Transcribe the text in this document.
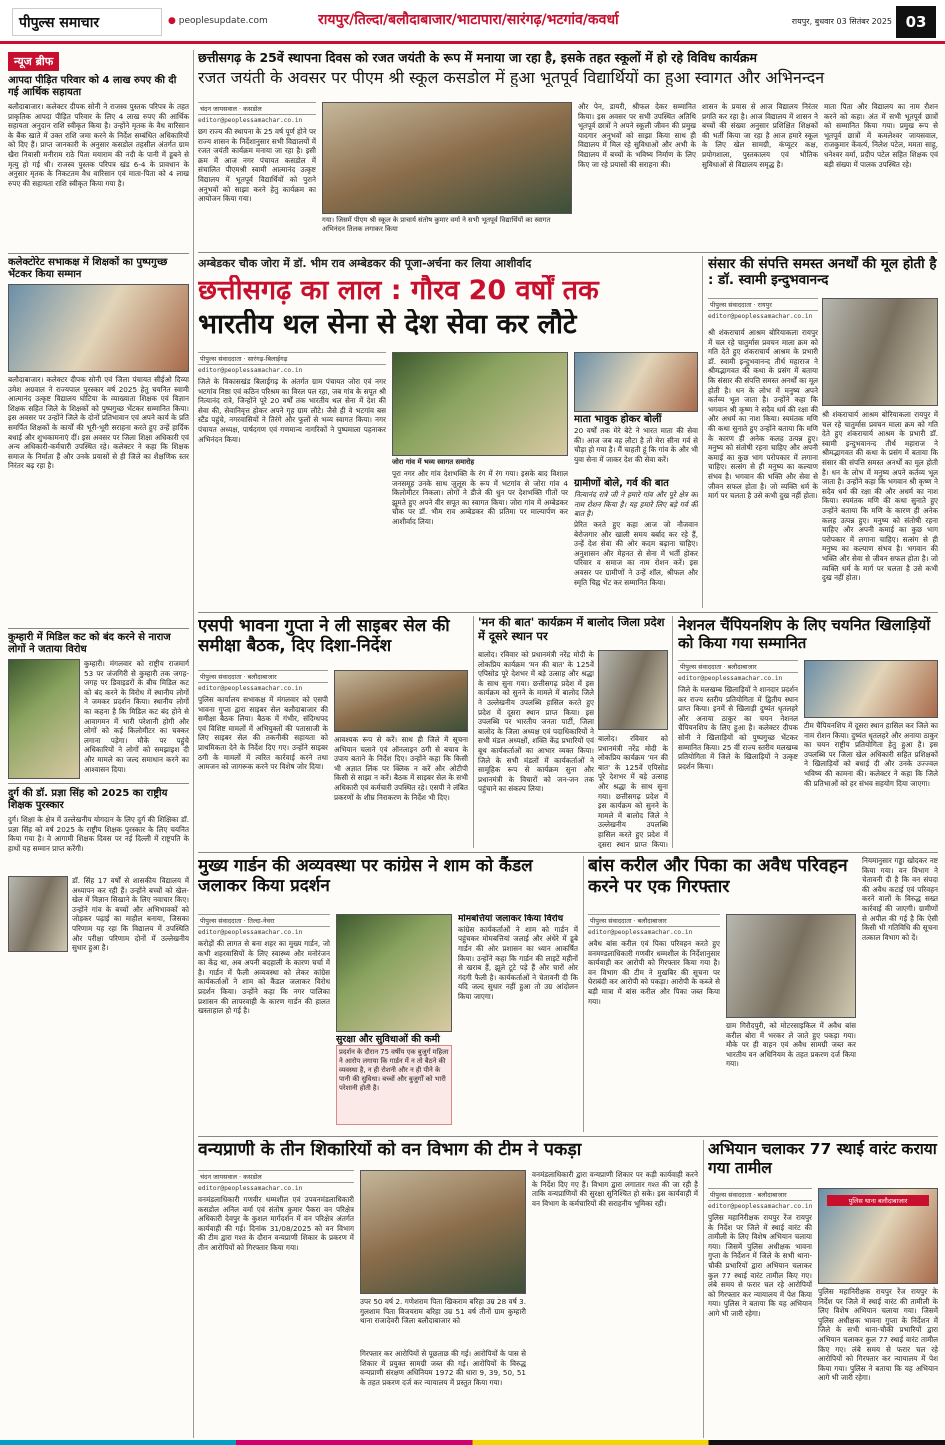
पीपुल्स समाचार	● peoplesupdate.com	रायपुर/तिल्दा/बलौदाबाजार/भाटापारा/सारंगढ़/भटगांव/कवर्धा	रायपुर, बुधवार 03 सितंबर 2025 03
न्यूज ब्रीफ
आपदा पीड़ित परिवार को 4 लाख रुपए की दी गई आर्थिक सहायता
बलौदाबाजार। कलेक्टर दीपक सोनी ने राजस्व पुस्तक परिपत्र के तहत प्राकृतिक आपदा पीड़ित परिवार के लिए 4 लाख रुपए की आर्थिक सहायता अनुदान राशि स्वीकृत किया है। उन्होंने मृतक के वैध वारिसान के बैंक खाते में उक्त राशि जमा करने के निर्देश सम्बंधित अधिकारियों को दिए हैं। प्राप्त जानकारी के अनुसार कसडोल तहसील अंतर्गत ग्राम खैरा निवासी मनीराम राठे पिता मयाराम की नदी के पानी में डूबने से मृत्यु हो गई थी। राजस्व पुस्तक परिपत्र खंड 6-4 के प्रावधान के अनुसार मृतक के निकटतम वैध वारिसान एवं माता-पिता को 4 लाख रुपए की सहायता राशि स्वीकृत किया गया है।
कलेक्टोरेट सभाकक्ष में शिक्षकों का पुष्पगुच्छ भेंटकर किया सम्मान
बलौदाबाजार। कलेक्टर दीपक सोनी एवं जिला पंचायत सीईओ दिव्या उमेश अग्रवाल ने राज्यपाल पुरस्कार वर्ष 2025 हेतु चयनित स्वामी आत्मानंद उत्कृष्ट विद्यालय घोटिया के व्याख्याता शिक्षक एवं विज्ञान शिक्षक सहित जिले के शिक्षकों को पुष्पगुच्छ भेंटकर सम्मानित किया। इस अवसर पर उन्होंने जिले के दोनों प्रतिभावान एवं अपने कार्य के प्रति समर्पित शिक्षकों के कार्यों की भूरी-भूरी सराहना करते हुए उन्हें हार्दिक बधाई और शुभकामनाएं दीं। इस अवसर पर जिला शिक्षा अधिकारी एवं अन्य अधिकारी-कर्मचारी उपस्थित रहे। कलेक्टर ने कहा कि शिक्षक समाज के निर्माता हैं और उनके प्रयासों से ही जिले का शैक्षणिक स्तर निरंतर बढ़ रहा है।
कुम्हारी में मिडिल कट को बंद करने से नाराज लोगों ने जताया विरोध
कुम्हारी। मंगलवार को राष्ट्रीय राजमार्ग 53 पर जंजगिरी से कुम्हारी तक जगह-जगह पर डिवाइडरों के बीच मिडिल कट को बंद करने के विरोध में स्थानीय लोगों ने जमकर प्रदर्शन किया। स्थानीय लोगों का कहना है कि मिडिल कट बंद होने से आवागमन में भारी परेशानी होगी और लोगों को कई किलोमीटर का चक्कर लगाना पड़ेगा। मौके पर पहुंचे अधिकारियों ने लोगों को समझाइश दी और मामले का जल्द समाधान करने का आश्वासन दिया।
दुर्ग की डॉ. प्रज्ञा सिंह को 2025 का राष्ट्रीय शिक्षक पुरस्कार
दुर्ग। शिक्षा के क्षेत्र में उल्लेखनीय योगदान के लिए दुर्ग की शिक्षिका डॉ. प्रज्ञा सिंह को वर्ष 2025 के राष्ट्रीय शिक्षक पुरस्कार के लिए चयनित किया गया है। वे आगामी शिक्षक दिवस पर नई दिल्ली में राष्ट्रपति के हाथों यह सम्मान प्राप्त करेंगी।
डॉ. सिंह 17 वर्षों से शासकीय विद्यालय में अध्यापन कर रही हैं। उन्होंने बच्चों को खेल-खेल में विज्ञान सिखाने के लिए नवाचार किए। उन्होंने गांव के बच्चों और अभिभावकों को जोड़कर पढ़ाई का माहौल बनाया, जिसका परिणाम यह रहा कि विद्यालय में उपस्थिति और परीक्षा परिणाम दोनों में उल्लेखनीय सुधार हुआ है।
छत्तीसगढ़ के 25वें स्थापना दिवस को रजत जयंती के रूप में मनाया जा रहा है, इसके तहत स्कूलों में हो रहे विविध कार्यक्रम
रजत जयंती के अवसर पर पीएम श्री स्कूल कसडोल में हुआ भूतपूर्व विद्यार्थियों का हुआ स्वागत और अभिनन्दन
चंदन जायसवाल · कसडोल
editor@peoplessamachar.co.in
छग राज्य की स्थापना के 25 वर्ष पूर्ण होने पर राज्य शासन के निर्देशानुसार सभी विद्यालयों में रजत जयंती कार्यक्रम मनाया जा रहा है। इसी क्रम में आज नगर पंचायत कसडोल में संचालित पीएमश्री स्वामी आत्मानंद उत्कृष्ट विद्यालय में भूतपूर्व विद्यार्थियों को पुराने अनुभवों को साझा करने हेतु कार्यक्रम का आयोजन किया गया।
गया। जिसमें पीएम श्री स्कूल के प्राचार्य संतोष कुमार वर्मा ने सभी भूतपूर्व विद्यार्थियों का स्वागत अभिनंदन तिलक लगाकर किया
और पेन, डायरी, श्रीफल देकर सम्मानित किया। इस अवसर पर सभी उपस्थित अतिथि भूतपूर्व छात्रों ने अपने स्कूली जीवन की प्रमुख यादगार अनुभवों को साझा किया साथ ही विद्यालय में मिल रहे सुविधाओं और अभी के विद्यालय में बच्चों के भविष्य निर्माण के लिए किए जा रहे प्रयासों की सराहना की।
शासन के प्रयास से आज विद्यालय निरंतर प्रगति कर रहा है। आज विद्यालय में शासन ने बच्चों की संख्या अनुसार प्रशिक्षित शिक्षकों की भर्ती किया जा रहा है आज हमारे स्कूल के लिए खेल सामग्री, कंप्यूटर कक्ष, प्रयोगशाला, पुस्तकालय एवं भौतिक सुविधाओं से विद्यालय समृद्ध है।
माता पिता और विद्यालय का नाम रौशन करने को कहा। अंत में सभी भूतपूर्व छात्रों को सम्मानित किया गया। प्रमुख रूप से भूतपूर्व छात्रों में कमलेश्वर जायसवाल, राजकुमार केंवर्त्य, निलेश पटेल, ममता साहू, धनेश्वर वर्मा, प्रदीप पटेल सहित शिक्षक एवं बड़ी संख्या में पालक उपस्थित रहे।
अम्बेडकर चौक जोरा में डॉ. भीम राव अम्बेडकर की पूजा-अर्चना कर लिया आशीर्वाद
छत्तीसगढ़ का लाल : गौरव 20 वर्षों तक
भारतीय थल सेना से देश सेवा कर लौटे
पीपुल्स संवाददाता · सारंगढ़-बिलाईगढ़
editor@peoplessamachar.co.in
जिले के विकासखंड बिलाईगढ़ के अंतर्गत ग्राम पंचायत जोरा एवं नगर भटगांव निष्ठा एवं कठिन परिश्रम का विरल पल रहा, जब गांव के सपूत श्री नित्यानंद रात्रे, जिन्होंने पूरे 20 वर्षों तक भारतीय थल सेना में देश की सेवा की, सेवानिवृत्त होकर अपने गृह ग्राम लौटे। जैसे ही वे भटगांव बस स्टैंड पहुंचे, नगरवासियों ने तिरंगे और फूलों से भव्य स्वागत किया। नगर पंचायत अध्यक्ष, पार्षदगण एवं गणमान्य नागरिकों ने पुष्पमाला पहनाकर अभिनंदन किया।
जोरा गांव में भव्य स्वागत समारोह
पूरा नगर और गांव देशभक्ति के रंग में रंग गया। इसके बाद विशाल जनसमूह उनके साथ जुलूस के रूप में भटगांव से जोरा गांव 4 किलोमीटर निकला। लोगों ने डीजे की धुन पर देशभक्ति गीतों पर झूमते हुए अपने वीर सपूत का स्वागत किया। जोरा गांव में अम्बेडकर चौक पर डॉ. भीम राव अम्बेडकर की प्रतिमा पर माल्यार्पण कर आशीर्वाद लिया।
माता भावुक होकर बोलीं
20 वर्षों तक मेरे बेटे ने भारत माता की सेवा की। आज जब वह लौटा है तो मेरा सीना गर्व से चौड़ा हो गया है। मैं चाहती हूं कि गांव के और भी युवा सेना में जाकर देश की सेवा करें।
ग्रामीणों बोले, गर्व की बात
नित्यानंद रात्रे जी ने हमारे गांव और पूरे क्षेत्र का नाम रोशन किया है। यह हमारे लिए बड़े गर्व की बात है।
प्रेरित करते हुए कहा आज जो नौजवान बेरोजगार और खाली समय बर्बाद कर रहे हैं, उन्हें देश सेवा की ओर कदम बढ़ाना चाहिए। अनुशासन और मेहनत से सेना में भर्ती होकर परिवार व समाज का नाम रोशन करें। इस अवसर पर ग्रामीणों ने उन्हें शॉल, श्रीफल और स्मृति चिह्न भेंट कर सम्मानित किया।
संसार की संपत्ति समस्त अनर्थों की मूल होती है : डॉ. स्वामी इन्दुभवानन्द
पीपुल्स संवाददाता · रायपुर
editor@peoplessamachar.co.in
श्री शंकराचार्य आश्रम बोरियाकला रायपुर में चल रहे चातुर्मास प्रवचन माला क्रम को गति देते हुए शंकराचार्य आश्रम के प्रभारी डॉ. स्वामी इन्दुभवानन्द तीर्थ महाराज ने श्रीमद्भागवत की कथा के प्रसंग में बताया कि संसार की संपत्ति समस्त अनर्थों का मूल होती है। धन के लोभ में मनुष्य अपने कर्तव्य भूल जाता है। उन्होंने कहा कि भगवान श्री कृष्ण ने सदैव धर्म की रक्षा की और अधर्म का नाश किया। स्यमंतक मणि की कथा सुनाते हुए उन्होंने बताया कि मणि के कारण ही अनेक कलह उत्पन्न हुए। मनुष्य को संतोषी रहना चाहिए और अपनी कमाई का कुछ भाग परोपकार में लगाना चाहिए। सत्संग से ही मनुष्य का कल्याण संभव है। भगवान की भक्ति और सेवा से जीवन सफल होता है। जो व्यक्ति धर्म के मार्ग पर चलता है उसे कभी दुख नहीं होता।
श्री शंकराचार्य आश्रम बोरियाकला रायपुर में चल रहे चातुर्मास प्रवचन माला क्रम को गति देते हुए शंकराचार्य आश्रम के प्रभारी डॉ. स्वामी इन्दुभवानन्द तीर्थ महाराज ने श्रीमद्भागवत की कथा के प्रसंग में बताया कि संसार की संपत्ति समस्त अनर्थों का मूल होती है। धन के लोभ में मनुष्य अपने कर्तव्य भूल जाता है। उन्होंने कहा कि भगवान श्री कृष्ण ने सदैव धर्म की रक्षा की और अधर्म का नाश किया। स्यमंतक मणि की कथा सुनाते हुए उन्होंने बताया कि मणि के कारण ही अनेक कलह उत्पन्न हुए। मनुष्य को संतोषी रहना चाहिए और अपनी कमाई का कुछ भाग परोपकार में लगाना चाहिए। सत्संग से ही मनुष्य का कल्याण संभव है। भगवान की भक्ति और सेवा से जीवन सफल होता है। जो व्यक्ति धर्म के मार्ग पर चलता है उसे कभी दुख नहीं होता।
एसपी भावना गुप्ता ने ली साइबर सेल की समीक्षा बैठक, दिए दिशा-निर्देश
पीपुल्स संवाददाता · बलौदाबाजार
editor@peoplessamachar.co.in
पुलिस कार्यालय सभाकक्ष में मंगलवार को एसपी भावना गुप्ता द्वारा साइबर सेल बलौदाबाजार की समीक्षा बैठक लिया। बैठक में गंभीर, संदिग्धपद एवं विशिष्ट मामलों में अभियुक्तों की पतासाजी के लिए साइबर सेल की तकनीकी सहायता को प्राथमिकता देने के निर्देश दिए गए। उन्होंने साइबर ठगी के मामलों में त्वरित कार्रवाई करने तथा आमजन को जागरूक करने पर विशेष जोर दिया।
आवश्यक रूप से करें। साथ ही जिले में सूचना अभियान चलाने एवं ऑनलाइन ठगी से बचाव के उपाय बताने के निर्देश दिए। उन्होंने कहा कि किसी भी अज्ञात लिंक पर क्लिक न करें और ओटीपी किसी से साझा न करें। बैठक में साइबर सेल के सभी अधिकारी एवं कर्मचारी उपस्थित रहे। एसपी ने लंबित प्रकरणों के शीघ्र निराकरण के निर्देश भी दिए।
'मन की बात' कार्यक्रम में बालोद जिला प्रदेश में दूसरे स्थान पर
बालोद। रविवार को प्रधानमंत्री नरेंद्र मोदी के लोकप्रिय कार्यक्रम 'मन की बात' के 125वें एपिसोड पूरे देशभर में बड़े उत्साह और श्रद्धा के साथ सुना गया। छत्तीसगढ़ प्रदेश में इस कार्यक्रम को सुनने के मामले में बालोद जिले ने उल्लेखनीय उपलब्धि हासिल करते हुए प्रदेश में दूसरा स्थान प्राप्त किया। इस उपलब्धि पर भारतीय जनता पार्टी, जिला बालोद के जिला अध्यक्ष एवं पदाधिकारियों ने सभी मंडल अध्यक्षों, शक्ति केंद्र प्रभारियों एवं बूथ कार्यकर्ताओं का आभार व्यक्त किया। जिले के सभी मंडलों में कार्यकर्ताओं ने सामूहिक रूप से कार्यक्रम सुना और प्रधानमंत्री के विचारों को जन-जन तक पहुंचाने का संकल्प लिया।
बालोद। रविवार को प्रधानमंत्री नरेंद्र मोदी के लोकप्रिय कार्यक्रम 'मन की बात' के 125वें एपिसोड पूरे देशभर में बड़े उत्साह और श्रद्धा के साथ सुना गया। छत्तीसगढ़ प्रदेश में इस कार्यक्रम को सुनने के मामले में बालोद जिले ने उल्लेखनीय उपलब्धि हासिल करते हुए प्रदेश में दूसरा स्थान प्राप्त किया।
नेशनल चैंपियनशिप के लिए चयनित खिलाड़ियों को किया गया सम्मानित
पीपुल्स संवाददाता · बलौदाबाजार
editor@peoplessamachar.co.in
जिले के मलखम्ब खिलाड़ियों ने शानदार प्रदर्शन कर राज्य स्तरीय प्रतियोगिता में द्वितीय स्थान प्राप्त किया। इनमें से खिलाड़ी दुष्यंत धृतलहरे और अनाया ठाकुर का चयन नेशनल चैंपियनशिप के लिए हुआ है। कलेक्टर दीपक सोनी ने खिलाड़ियों को पुष्पगुच्छ भेंटकर सम्मानित किया। 25 वीं राज्य स्तरीय मलखम्ब प्रतियोगिता में जिले के खिलाड़ियों ने उत्कृष्ट प्रदर्शन किया।
टीम चैंपियनशिप में दूसरा स्थान हासिल कर जिले का नाम रोशन किया। दुष्यंत धृतलहरे और अनाया ठाकुर का चयन राष्ट्रीय प्रतियोगिता हेतु हुआ है। इस उपलब्धि पर जिला खेल अधिकारी सहित प्रशिक्षकों ने खिलाड़ियों को बधाई दी और उनके उज्ज्वल भविष्य की कामना की। कलेक्टर ने कहा कि जिले की प्रतिभाओं को हर संभव सहयोग दिया जाएगा।
मुख्य गार्डन की अव्यवस्था पर कांग्रेस ने शाम को कैंडल जलाकर किया प्रदर्शन
पीपुल्स संवाददाता · तिल्दा-नेवरा
editor@peoplessamachar.co.in
करोड़ों की लागत से बना शहर का मुख्य गार्डन, जो कभी शहरवासियों के लिए स्वास्थ्य और मनोरंजन का केंद्र था, अब अपनी बदहाली के कारण चर्चा में है। गार्डन में फैली अव्यवस्था को लेकर कांग्रेस कार्यकर्ताओं ने शाम को कैंडल जलाकर विरोध प्रदर्शन किया। उन्होंने कहा कि नगर पालिका प्रशासन की लापरवाही के कारण गार्डन की हालत खस्ताहाल हो गई है।
सुरक्षा और सुविधाओं की कमी
प्रदर्शन के दौरान 75 वर्षीय एक बुजुर्ग महिला ने आरोप लगाया कि गार्डन में न तो बैठने की व्यवस्था है, न ही रोशनी और न ही पीने के पानी की सुविधा। बच्चों और बुजुर्गों को भारी परेशानी होती है।
मोमबत्तियां जलाकर किया विरोध
कांग्रेस कार्यकर्ताओं ने शाम को गार्डन में पहुंचकर मोमबत्तियां जलाई और अंधेरे में डूबे गार्डन की ओर प्रशासन का ध्यान आकर्षित किया। उन्होंने कहा कि गार्डन की लाइटें महीनों से खराब हैं, झूले टूटे पड़े हैं और चारों ओर गंदगी फैली है। कार्यकर्ताओं ने चेतावनी दी कि यदि जल्द सुधार नहीं हुआ तो उग्र आंदोलन किया जाएगा।
बांस करील और पिका का अवैध परिवहन करने पर एक गिरफ्तार
पीपुल्स संवाददाता · बलौदाबाजार
editor@peoplessamachar.co.in
अवैध बांस करील एवं पिका परिवहन करते हुए वनमण्डलाधिकारी गणवीर धम्मशील के निर्देशानुसार कार्यवाही कर आरोपी को गिरफ्तार किया गया है। वन विभाग की टीम ने मुखबिर की सूचना पर घेराबंदी कर आरोपी को पकड़ा। आरोपी के कब्जे से बड़ी मात्रा में बांस करील और पिका जब्त किया गया।
ग्राम गिरौदपुरी, को मोटरसाइकिल में अवैध बांस करील बोरा में भरकर ले जाते हुए पकड़ा गया। मौके पर ही वाहन एवं अवैध सामग्री जब्त कर भारतीय वन अधिनियम के तहत प्रकरण दर्ज किया गया।
नियमानुसार गड्ढा खोदकर नष्ट किया गया। वन विभाग ने चेतावनी दी है कि वन संपदा की अवैध कटाई एवं परिवहन करने वालों के विरुद्ध सख्त कार्रवाई की जाएगी। ग्रामीणों से अपील की गई है कि ऐसी किसी भी गतिविधि की सूचना तत्काल विभाग को दें।
वन्यप्राणी के तीन शिकारियों को वन विभाग की टीम ने पकड़ा
चंदन जायसवाल · कसडोल
editor@peoplessamachar.co.in
वनमंडलाधिकारी गणवीर धम्मशील एवं उपवनमंडलाधिकारी कसडोल अनिल वर्मा एवं संतोष कुमार पैकरा वन परिक्षेत्र अधिकारी देवपुर के कुशल मार्गदर्शन में वन परिक्षेत्र अंतर्गत कार्यवाही की गई। दिनांक 31/08/2025 को वन विभाग की टीम द्वारा गश्त के दौरान वन्यप्राणी शिकार के प्रकरण में तीन आरोपियों को गिरफ्तार किया गया।
उपर 50 वर्ष 2. गणेशराम पिता खिकराम बरिहा उम्र 28 वर्ष 3. गुलशाम पिता विजयराम बरिहा उम्र 51 वर्ष तीनों ग्राम कुम्हारी थाना राजादेवरी जिला बलौदाबाजार को
गिरफ्तार कर आरोपियों से पूछताछ की गई। आरोपियों के पास से शिकार में प्रयुक्त सामग्री जब्त की गई। आरोपियों के विरुद्ध वन्यप्राणी संरक्षण अधिनियम 1972 की धारा 9, 39, 50, 51 के तहत प्रकरण दर्ज कर न्यायालय में प्रस्तुत किया गया।
वनमंडलाधिकारी द्वारा वन्यप्राणी शिकार पर कड़ी कार्यवाही करने के निर्देश दिए गए हैं। विभाग द्वारा लगातार गश्त की जा रही है ताकि वन्यप्राणियों की सुरक्षा सुनिश्चित हो सके। इस कार्यवाही में वन विभाग के कर्मचारियों की सराहनीय भूमिका रही।
अभियान चलाकर 77 स्थाई वारंट कराया गया तामील
पीपुल्स संवाददाता · बलौदाबाजार
editor@peoplessamachar.co.in
पुलिस महानिरीक्षक रायपुर रेंज रायपुर के निर्देश पर जिले में स्थाई वारंट की तामीली के लिए विशेष अभियान चलाया गया। जिसमें पुलिस अधीक्षक भावना गुप्ता के निर्देशन में जिले के सभी थाना-चौकी प्रभारियों द्वारा अभियान चलाकर कुल 77 स्थाई वारंट तामील किए गए। लंबे समय से फरार चल रहे आरोपियों को गिरफ्तार कर न्यायालय में पेश किया गया। पुलिस ने बताया कि यह अभियान आगे भी जारी रहेगा।
पुलिस थाना बलौदाबाजार
पुलिस महानिरीक्षक रायपुर रेंज रायपुर के निर्देश पर जिले में स्थाई वारंट की तामीली के लिए विशेष अभियान चलाया गया। जिसमें पुलिस अधीक्षक भावना गुप्ता के निर्देशन में जिले के सभी थाना-चौकी प्रभारियों द्वारा अभियान चलाकर कुल 77 स्थाई वारंट तामील किए गए। लंबे समय से फरार चल रहे आरोपियों को गिरफ्तार कर न्यायालय में पेश किया गया। पुलिस ने बताया कि यह अभियान आगे भी जारी रहेगा।
